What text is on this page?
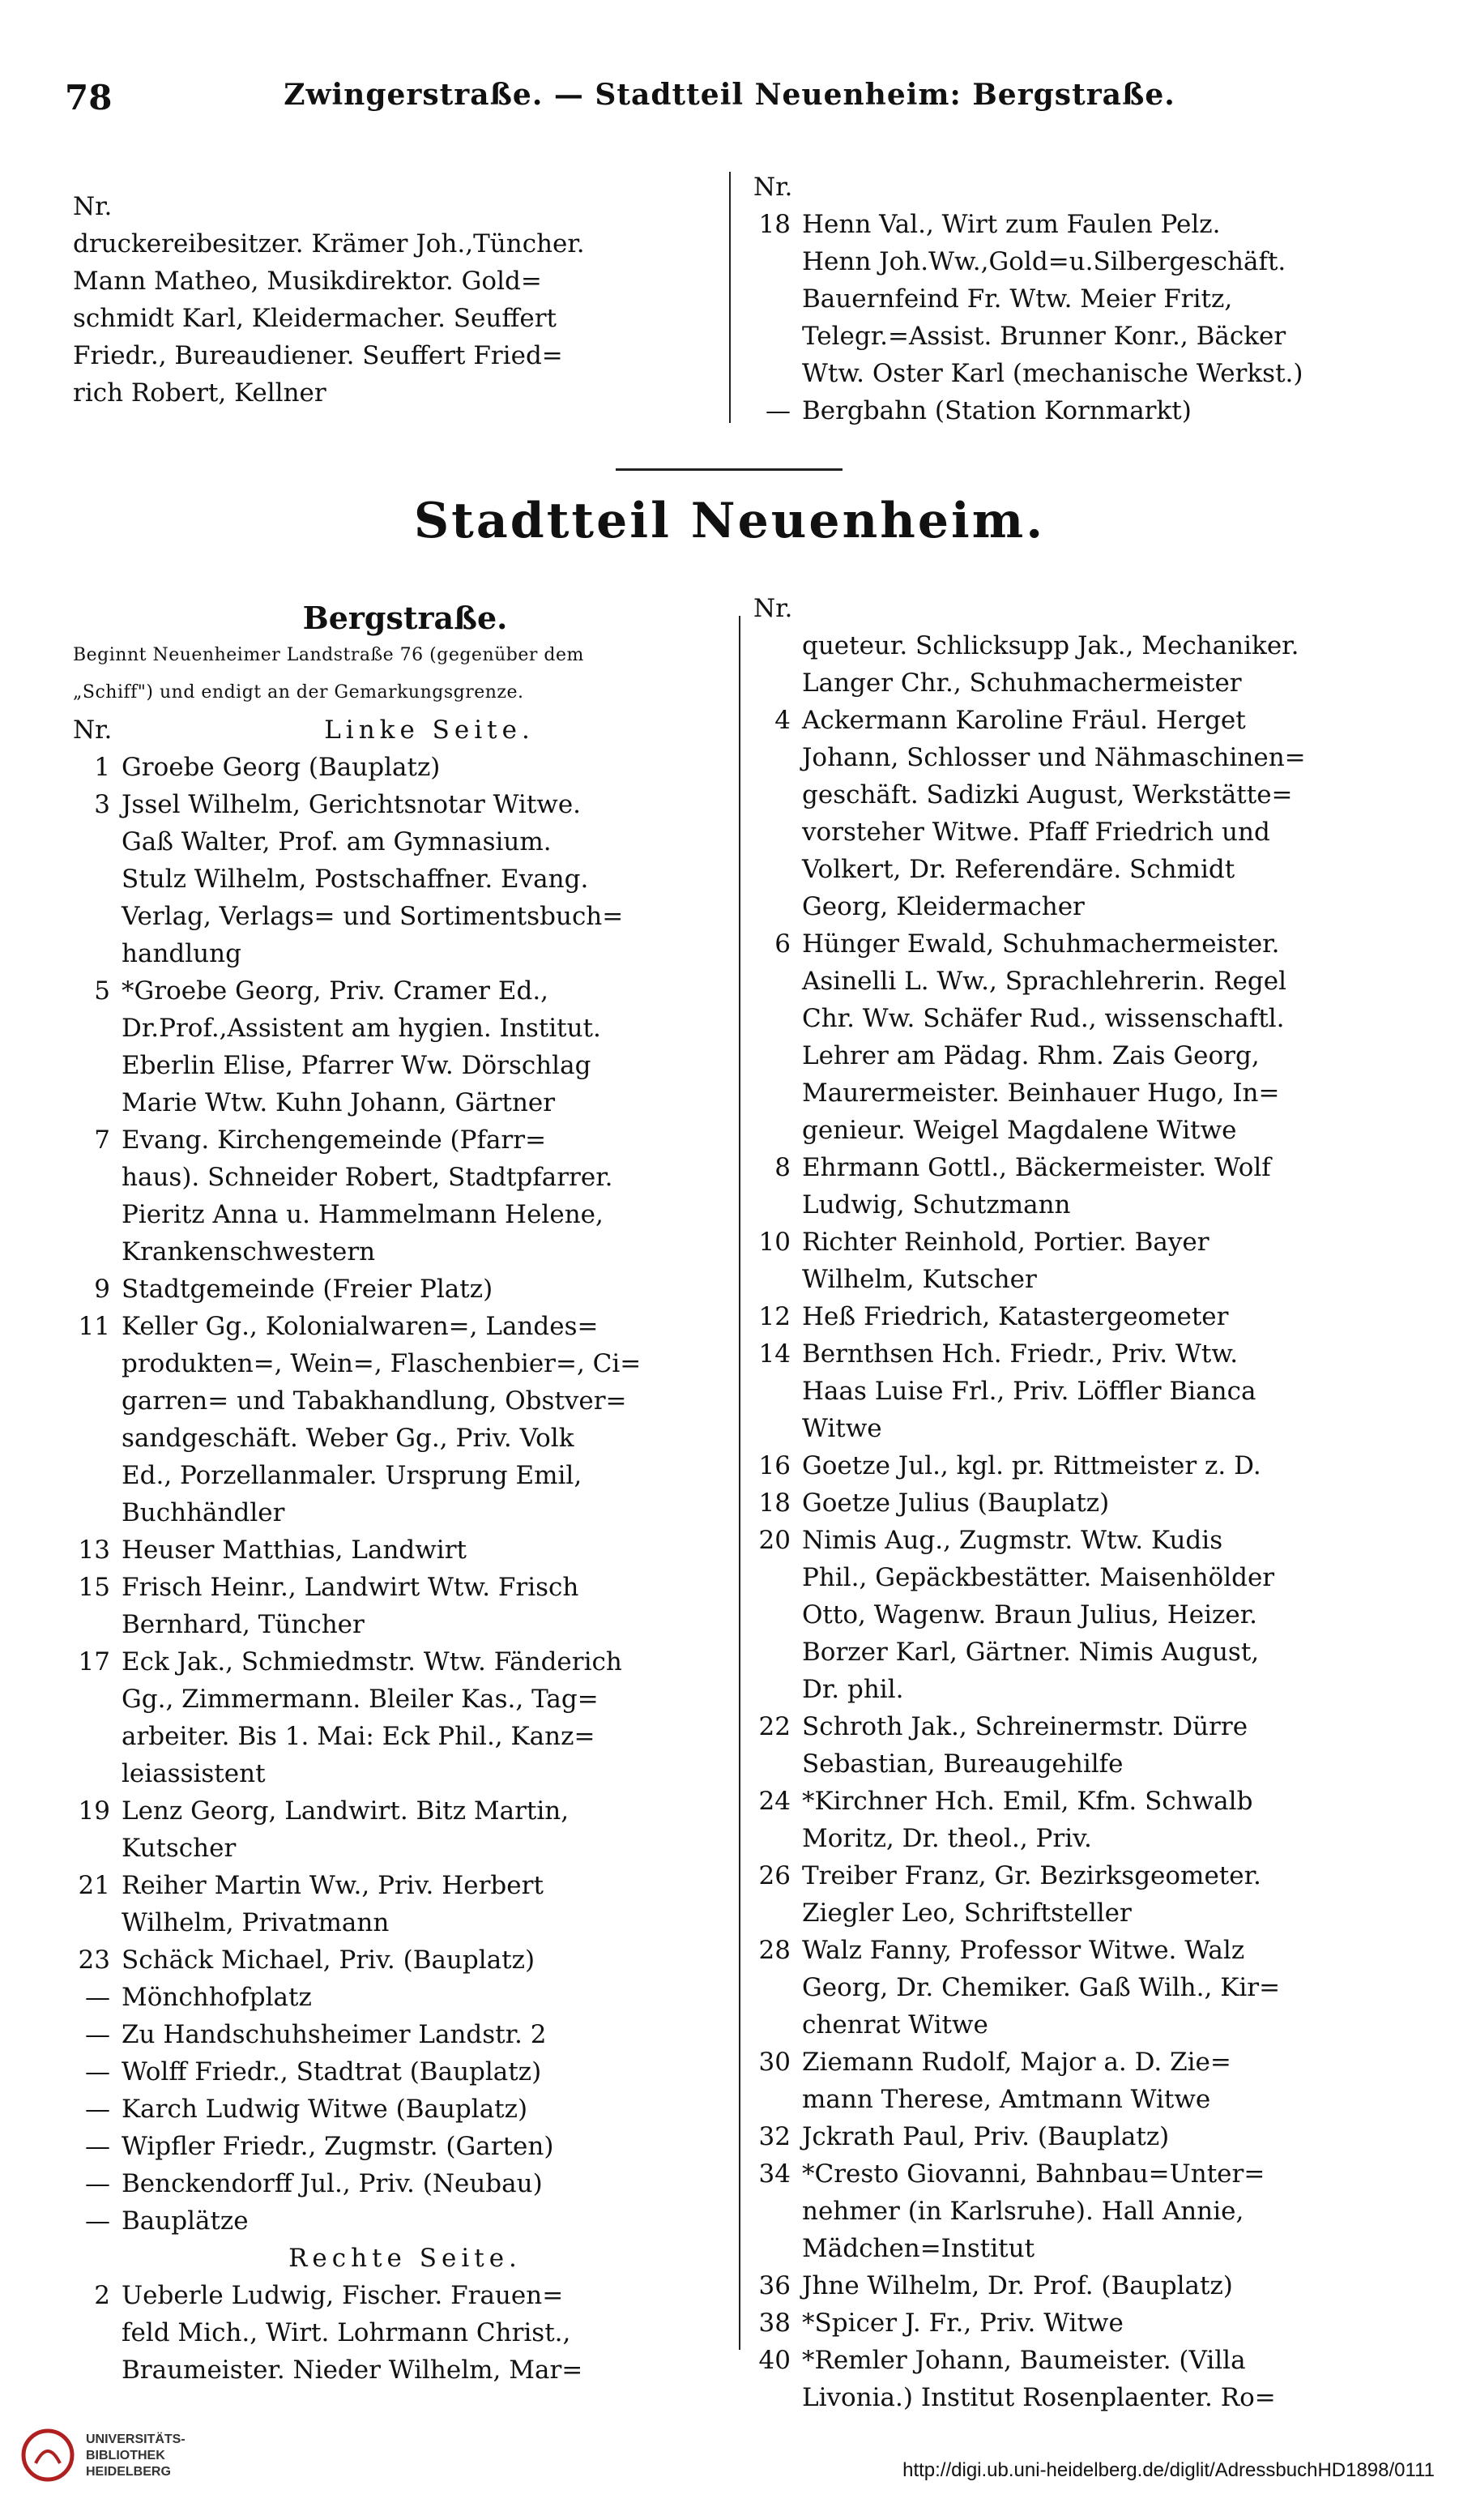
78	Zwingerstraße. — Stadtteil Neuenheim: Bergstraße.
Nr.
druckereibesitzer. Krämer Joh.,Tüncher.
Mann Matheo, Musikdirektor. Gold=
schmidt Karl, Kleidermacher. Seuffert
Friedr., Bureaudiener. Seuffert Fried=
rich Robert, Kellner
Nr.
18 Henn Val., Wirt zum Faulen Pelz.
Henn Joh.Ww.,Gold=u.Silbergeschäft.
Bauernfeind Fr. Wtw. Meier Fritz,
Telegr.=Assist. Brunner Konr., Bäcker
Wtw. Oster Karl (mechanische Werkst.)
— Bergbahn (Station Kornmarkt)
Stadtteil Neuenheim.
Bergstraße.
Beginnt Neuenheimer Landstraße 76 (gegenüber dem
„Schiff") und endigt an der Gemarkungsgrenze.
Nr.	Linke Seite.
1 Groebe Georg (Bauplatz)
3 Jssel Wilhelm, Gerichtsnotar Witwe.
Gaß Walter, Prof. am Gymnasium.
Stulz Wilhelm, Postschaffner. Evang.
Verlag, Verlags= und Sortimentsbuch=
handlung
5 *Groebe Georg, Priv. Cramer Ed.,
Dr.Prof.,Assistent am hygien. Institut.
Eberlin Elise, Pfarrer Ww. Dörschlag
Marie Wtw. Kuhn Johann, Gärtner
7 Evang. Kirchengemeinde (Pfarr=
haus). Schneider Robert, Stadtpfarrer.
Pieritz Anna u. Hammelmann Helene,
Krankenschwestern
9 Stadtgemeinde (Freier Platz)
11 Keller Gg., Kolonialwaren=, Landes=
produkten=, Wein=, Flaschenbier=, Ci=
garren= und Tabakhandlung, Obstver=
sandgeschäft. Weber Gg., Priv. Volk
Ed., Porzellanmaler. Ursprung Emil,
Buchhändler
13 Heuser Matthias, Landwirt
15 Frisch Heinr., Landwirt Wtw. Frisch
Bernhard, Tüncher
17 Eck Jak., Schmiedmstr. Wtw. Fänderich
Gg., Zimmermann. Bleiler Kas., Tag=
arbeiter. Bis 1. Mai: Eck Phil., Kanz=
leiassistent
19 Lenz Georg, Landwirt. Bitz Martin,
Kutscher
21 Reiher Martin Ww., Priv. Herbert
Wilhelm, Privatmann
23 Schäck Michael, Priv. (Bauplatz)
— Mönchhofplatz
— Zu Handschuhsheimer Landstr. 2
— Wolff Friedr., Stadtrat (Bauplatz)
— Karch Ludwig Witwe (Bauplatz)
— Wipfler Friedr., Zugmstr. (Garten)
— Benckendorff Jul., Priv. (Neubau)
— Bauplätze
Rechte Seite.
2 Ueberle Ludwig, Fischer. Frauen=
feld Mich., Wirt. Lohrmann Christ.,
Braumeister. Nieder Wilhelm, Mar=
Nr.
queteur. Schlicksupp Jak., Mechaniker.
Langer Chr., Schuhmachermeister
4 Ackermann Karoline Fräul. Herget
Johann, Schlosser und Nähmaschinen=
geschäft. Sadizki August, Werkstätte=
vorsteher Witwe. Pfaff Friedrich und
Volkert, Dr. Referendäre. Schmidt
Georg, Kleidermacher
6 Hünger Ewald, Schuhmachermeister.
Asinelli L. Ww., Sprachlehrerin. Regel
Chr. Ww. Schäfer Rud., wissenschaftl.
Lehrer am Pädag. Rhm. Zais Georg,
Maurermeister. Beinhauer Hugo, In=
genieur. Weigel Magdalene Witwe
8 Ehrmann Gottl., Bäckermeister. Wolf
Ludwig, Schutzmann
10 Richter Reinhold, Portier. Bayer
Wilhelm, Kutscher
12 Heß Friedrich, Katastergeometer
14 Bernthsen Hch. Friedr., Priv. Wtw.
Haas Luise Frl., Priv. Löffler Bianca
Witwe
16 Goetze Jul., kgl. pr. Rittmeister z. D.
18 Goetze Julius (Bauplatz)
20 Nimis Aug., Zugmstr. Wtw. Kudis
Phil., Gepäckbestätter. Maisenhölder
Otto, Wagenw. Braun Julius, Heizer.
Borzer Karl, Gärtner. Nimis August,
Dr. phil.
22 Schroth Jak., Schreinermstr. Dürre
Sebastian, Bureaugehilfe
24 *Kirchner Hch. Emil, Kfm. Schwalb
Moritz, Dr. theol., Priv.
26 Treiber Franz, Gr. Bezirksgeometer.
Ziegler Leo, Schriftsteller
28 Walz Fanny, Professor Witwe. Walz
Georg, Dr. Chemiker. Gaß Wilh., Kir=
chenrat Witwe
30 Ziemann Rudolf, Major a. D. Zie=
mann Therese, Amtmann Witwe
32 Jckrath Paul, Priv. (Bauplatz)
34 *Cresto Giovanni, Bahnbau=Unter=
nehmer (in Karlsruhe). Hall Annie,
Mädchen=Institut
36 Jhne Wilhelm, Dr. Prof. (Bauplatz)
38 *Spicer J. Fr., Priv. Witwe
40 *Remler Johann, Baumeister. (Villa
Livonia.) Institut Rosenplaenter. Ro=
UNIVERSITÄTS-
BIBLIOTHEK
HEIDELBERG	http://digi.ub.uni-heidelberg.de/diglit/AdressbuchHD1898/0111
